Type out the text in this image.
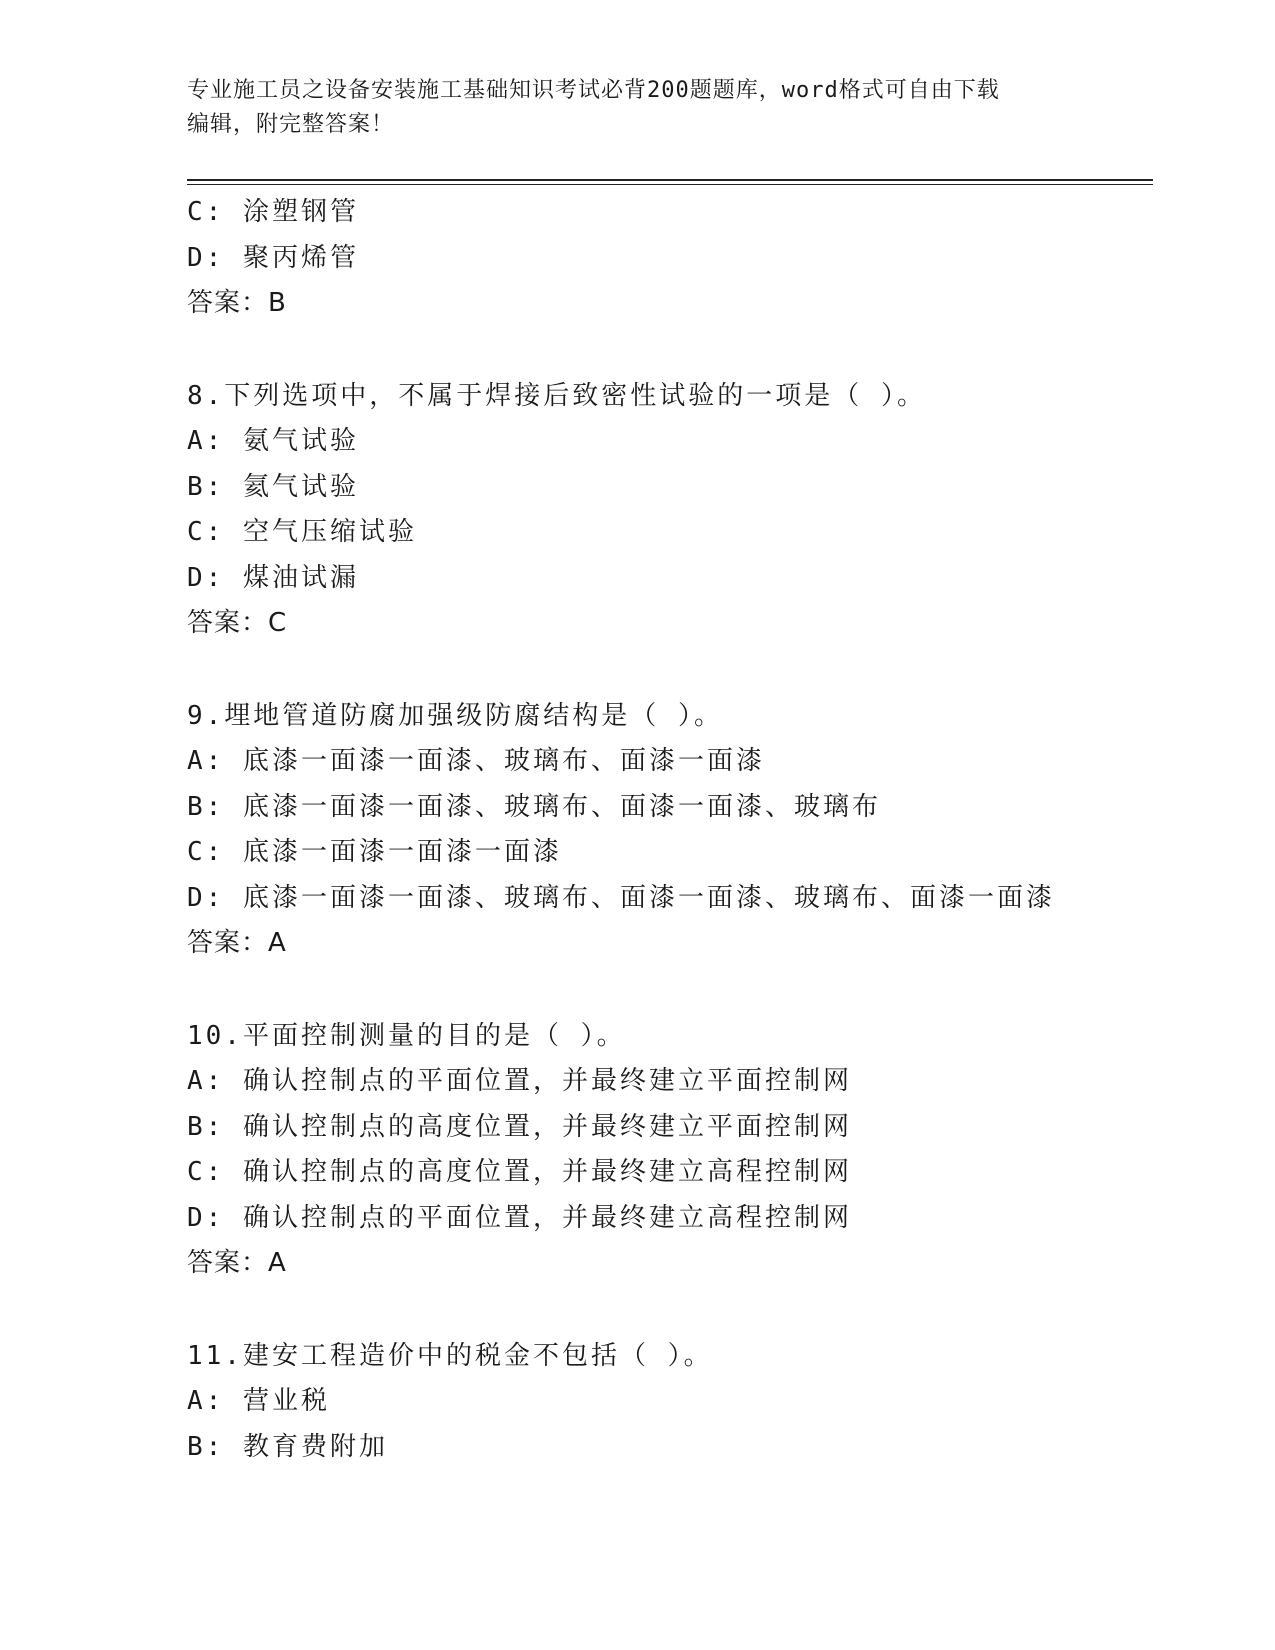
专业施工员之设备安装施工基础知识考试必背200题题库，word格式可自由下载
编辑，附完整答案！
C: 涂塑钢管
D: 聚丙烯管
答案：B
8.下列选项中，不属于焊接后致密性试验的一项是（ ）。
A: 氨气试验
B: 氦气试验
C: 空气压缩试验
D: 煤油试漏
答案：C
9.埋地管道防腐加强级防腐结构是（ ）。
A: 底漆一面漆一面漆、玻璃布、面漆一面漆
B: 底漆一面漆一面漆、玻璃布、面漆一面漆、玻璃布
C: 底漆一面漆一面漆一面漆
D: 底漆一面漆一面漆、玻璃布、面漆一面漆、玻璃布、面漆一面漆
答案：A
10.平面控制测量的目的是（ ）。
A: 确认控制点的平面位置，并最终建立平面控制网
B: 确认控制点的高度位置，并最终建立平面控制网
C: 确认控制点的高度位置，并最终建立高程控制网
D: 确认控制点的平面位置，并最终建立高程控制网
答案：A
11.建安工程造价中的税金不包括（ ）。
A: 营业税
B: 教育费附加
